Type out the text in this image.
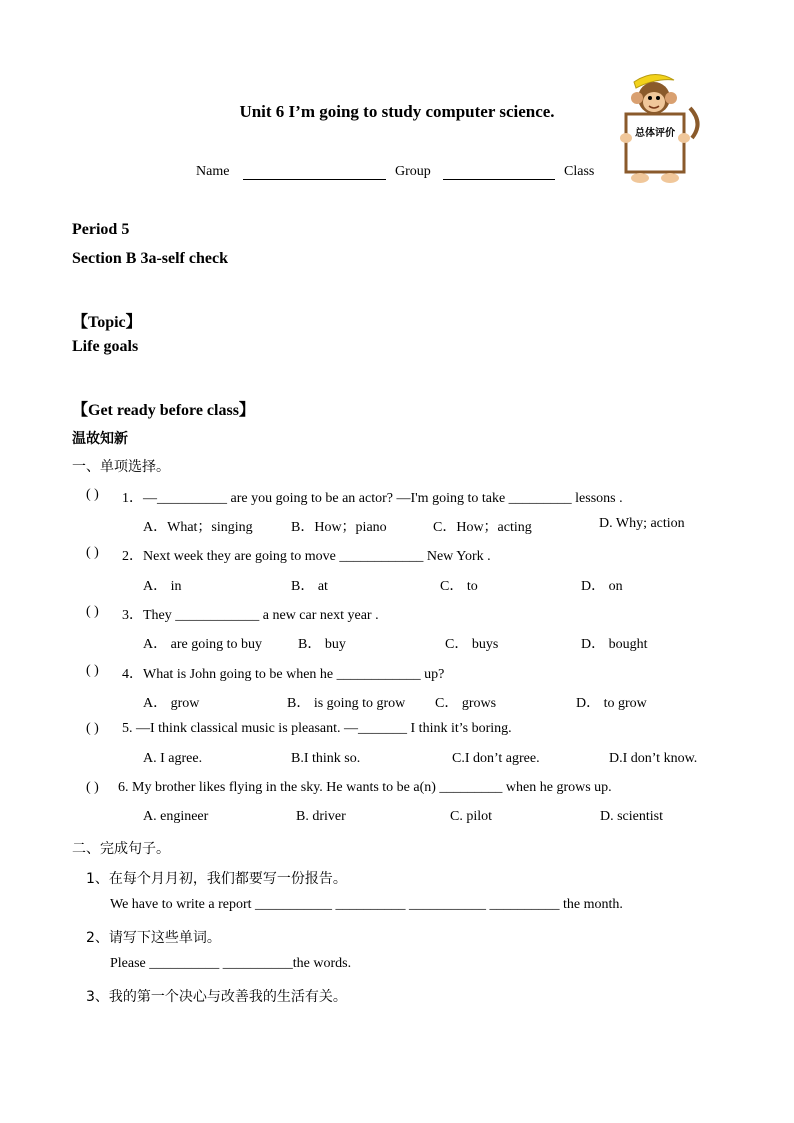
Unit 6 I’m going to study computer science.
总体评价
Name	Group	Class
Period 5
Section B 3a-self check
【Topic】
Life goals
【Get ready before class】
温故知新
一、单项选择。
( ) 1．—__________ are you going to be an actor? —I'm going to take _________ lessons .
A．What；singing	B．How；piano	C．How；acting	D. Why; action
( ) 2．Next week they are going to move ____________ New York .
A． in	B． at	C． to	D． on
( ) 3．They ____________ a new car next year .
A． are going to buy	B． buy	C． buys	D． bought
( ) 4．What is John going to be when he ____________ up?
A． grow	B． is going to grow C． grows	D． to grow
( ) 5. —I think classical music is pleasant. —_______ I think it’s boring.
A. I agree.	B.I think so.	C.I don’t agree.	D.I don’t know.
( ) 6. My brother likes flying in the sky. He wants to be a(n) _________ when he grows up.
A. engineer	B. driver	C. pilot	D. scientist
二、完成句子。
1、在每个月月初，我们都要写一份报告。
We have to write a report ___________ __________ ___________ __________ the month.
2、请写下这些单词。
Please __________ __________the words.
3、我的第一个决心与改善我的生活有关。
